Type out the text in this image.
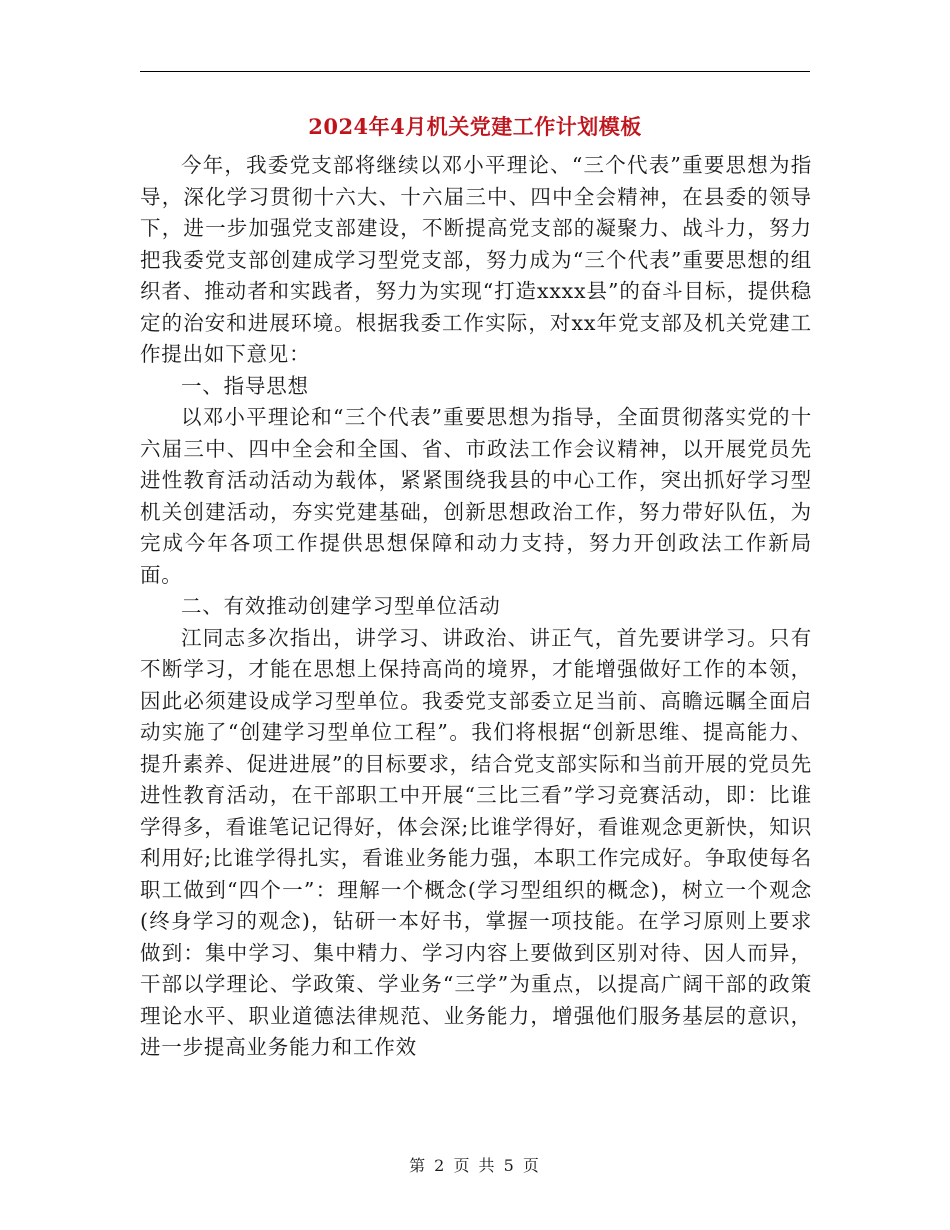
2024年4月机关党建工作计划模板

今年，我委党支部将继续以邓小平理论、“三个代表”重要思想为指导，深化学习贯彻十六大、十六届三中、四中全会精神，在县委的领导下，进一步加强党支部建设，不断提高党支部的凝聚力、战斗力，努力把我委党支部创建成学习型党支部，努力成为“三个代表”重要思想的组织者、推动者和实践者，努力为实现“打造xxxx县”的奋斗目标，提供稳定的治安和进展环境。根据我委工作实际，对xx年党支部及机关党建工作提出如下意见：

一、指导思想

以邓小平理论和“三个代表”重要思想为指导，全面贯彻落实党的十六届三中、四中全会和全国、省、市政法工作会议精神，以开展党员先进性教育活动活动为载体，紧紧围绕我县的中心工作，突出抓好学习型机关创建活动，夯实党建基础，创新思想政治工作，努力带好队伍，为完成今年各项工作提供思想保障和动力支持，努力开创政法工作新局面。

二、有效推动创建学习型单位活动

江同志多次指出，讲学习、讲政治、讲正气，首先要讲学习。只有不断学习，才能在思想上保持高尚的境界，才能增强做好工作的本领，因此必须建设成学习型单位。我委党支部委立足当前、高瞻远瞩全面启动实施了“创建学习型单位工程”。我们将根据“创新思维、提高能力、提升素养、促进进展”的目标要求，结合党支部实际和当前开展的党员先进性教育活动，在干部职工中开展“三比三看”学习竞赛活动，即：比谁学得多，看谁笔记记得好，体会深;比谁学得好，看谁观念更新快，知识利用好;比谁学得扎实，看谁业务能力强，本职工作完成好。争取使每名职工做到“四个一”：理解一个概念(学习型组织的概念)，树立一个观念(终身学习的观念)，钻研一本好书，掌握一项技能。在学习原则上要求做到：集中学习、集中精力、学习内容上要做到区别对待、因人而异，干部以学理论、学政策、学业务“三学”为重点，以提高广阔干部的政策理论水平、职业道德法律规范、业务能力，增强他们服务基层的意识，进一步提高业务能力和工作效

第 2 页 共 5 页
